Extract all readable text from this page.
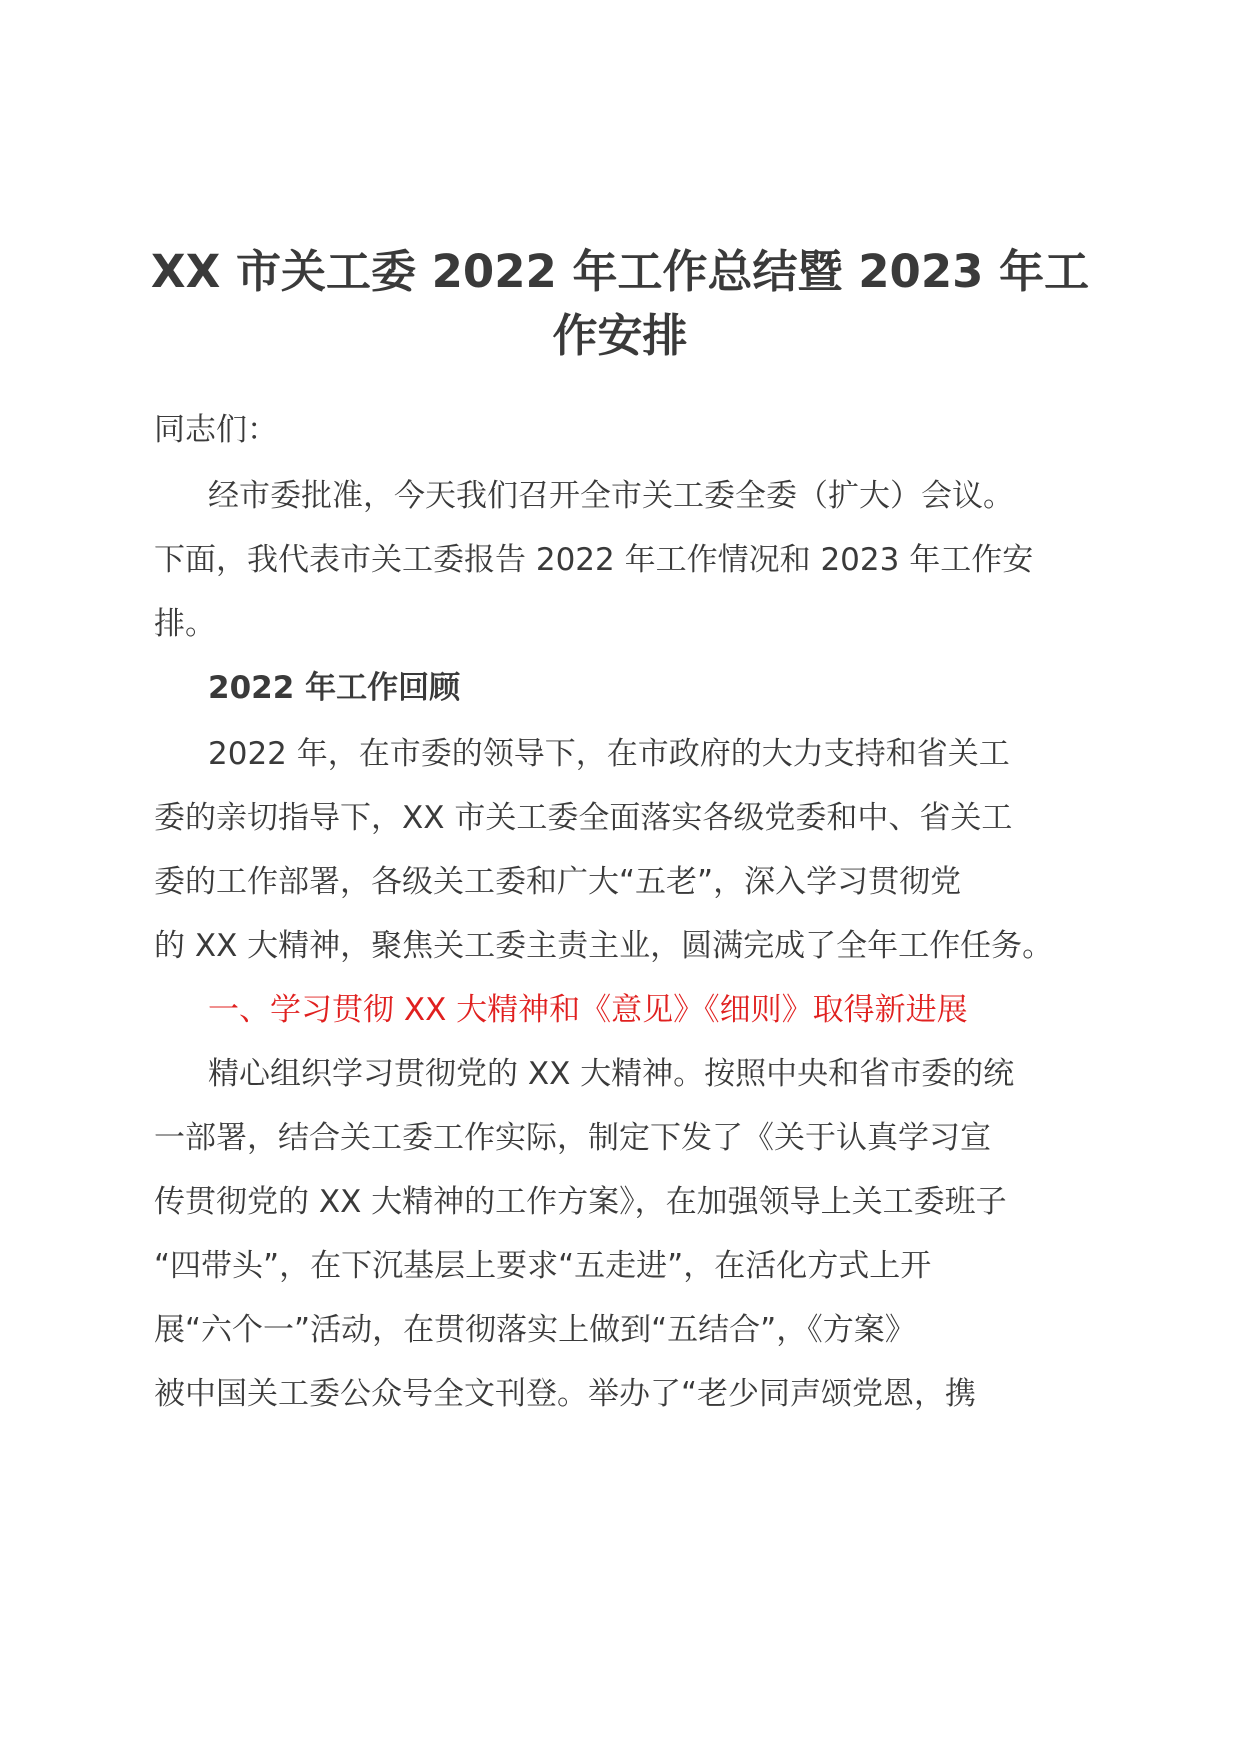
XX 市关工委 2022 年工作总结暨 2023 年工
作安排
同志们：
经市委批准，今天我们召开全市关工委全委（扩大）会议。
下面，我代表市关工委报告 2022 年工作情况和 2023 年工作安
排。
2022 年工作回顾
2022 年，在市委的领导下，在市政府的大力支持和省关工
委的亲切指导下，XX 市关工委全面落实各级党委和中、省关工
委的工作部署，各级关工委和广大“五老”，深入学习贯彻党
的 XX 大精神，聚焦关工委主责主业，圆满完成了全年工作任务。
一、学习贯彻 XX 大精神和《意见》《细则》取得新进展
精心组织学习贯彻党的 XX 大精神。按照中央和省市委的统
一部署，结合关工委工作实际，制定下发了《关于认真学习宣
传贯彻党的 XX 大精神的工作方案》，在加强领导上关工委班子
“四带头”，在下沉基层上要求“五走进”，在活化方式上开
展“六个一”活动，在贯彻落实上做到“五结合”，《方案》
被中国关工委公众号全文刊登。举办了“老少同声颂党恩，携
